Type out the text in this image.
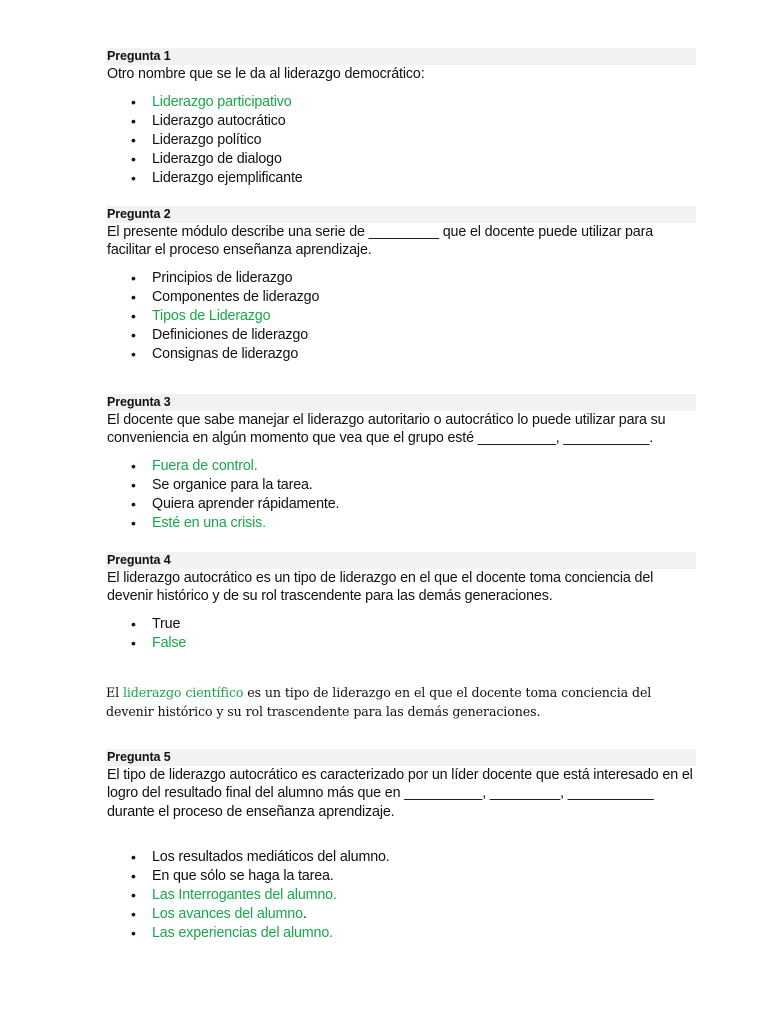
Pregunta 1

Otro nombre que se le da al liderazgo democrático:

• Liderazgo participativo
• Liderazgo autocrático
• Liderazgo político
• Liderazgo de dialogo
• Liderazgo ejemplificante
Pregunta 2

El presente módulo describe una serie de _________ que el docente puede utilizar para facilitar el proceso enseñanza aprendizaje.

• Principios de liderazgo
• Componentes de liderazgo
• Tipos de Liderazgo
• Definiciones de liderazgo
• Consignas de liderazgo
Pregunta 3

El docente que sabe manejar el liderazgo autoritario o autocrático lo puede utilizar para su conveniencia en algún momento que vea que el grupo esté __________, ___________.

• Fuera de control.
• Se organice para la tarea.
• Quiera aprender rápidamente.
• Esté en una crisis.
Pregunta 4

El liderazgo autocrático es un tipo de liderazgo en el que el docente toma conciencia del devenir histórico y de su rol trascendente para las demás generaciones.

• True
• False

El liderazgo científico es un tipo de liderazgo en el que el docente toma conciencia del devenir histórico y su rol trascendente para las demás generaciones.

Pregunta 5

El tipo de liderazgo autocrático es caracterizado por un líder docente que está interesado en el logro del resultado final del alumno más que en __________, _________, ___________ durante el proceso de enseñanza aprendizaje.

• Los resultados mediáticos del alumno.
• En que sólo se haga la tarea.
• Las Interrogantes del alumno.
• Los avances del alumno.
• Las experiencias del alumno.
